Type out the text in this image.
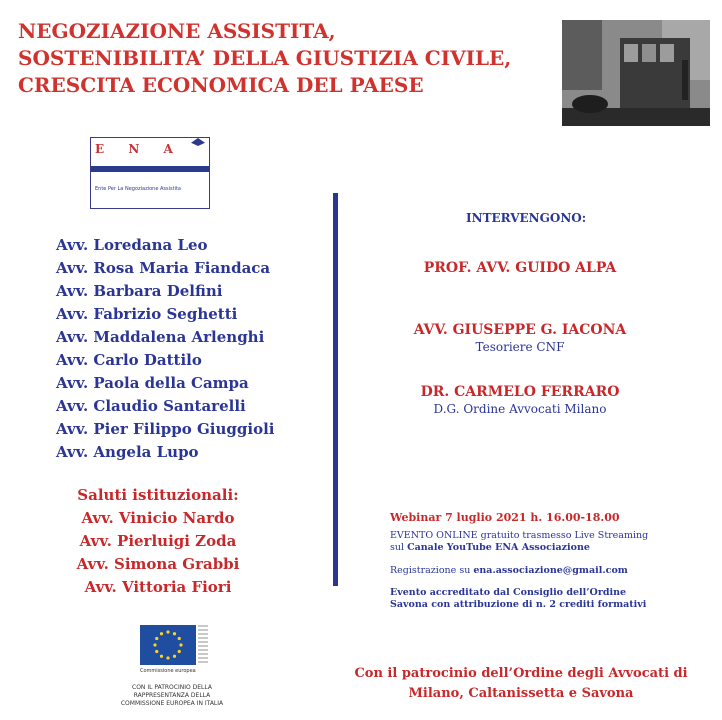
NEGOZIAZIONE ASSISTITA,
SOSTENIBILITA’ DELLA GIUSTIZIA CIVILE,
CRESCITA ECONOMICA DEL PAESE
E N A
Ente Per La Negoziazione Assistita
Avv. Loredana Leo
Avv. Rosa Maria Fiandaca
Avv. Barbara Delfini
Avv. Fabrizio Seghetti
Avv. Maddalena Arlenghi
Avv. Carlo Dattilo
Avv. Paola della Campa
Avv. Claudio Santarelli
Avv. Pier Filippo Giuggioli
Avv. Angela Lupo
Saluti istituzionali:
Avv. Vinicio Nardo
Avv. Pierluigi Zoda
Avv. Simona Grabbi
Avv. Vittoria Fiori
INTERVENGONO:
PROF. AVV. GUIDO ALPA
AVV. GIUSEPPE G. IACONA
Tesoriere CNF
DR. CARMELO FERRARO
D.G. Ordine Avvocati Milano
Webinar 7 luglio 2021 h. 16.00-18.00
EVENTO ONLINE gratuito trasmesso Live Streaming
sul Canale YouTube ENA Associazione
Registrazione su ena.associazione@gmail.com
Evento accreditato dal Consiglio dell’Ordine
Savona con attribuzione di n. 2 crediti formativi
Commissione europea
CON IL PATROCINIO DELLA
RAPPRESENTANZA DELLA
COMMISSIONE EUROPEA IN ITALIA
Con il patrocinio dell’Ordine degli Avvocati di
Milano, Caltanissetta e Savona
